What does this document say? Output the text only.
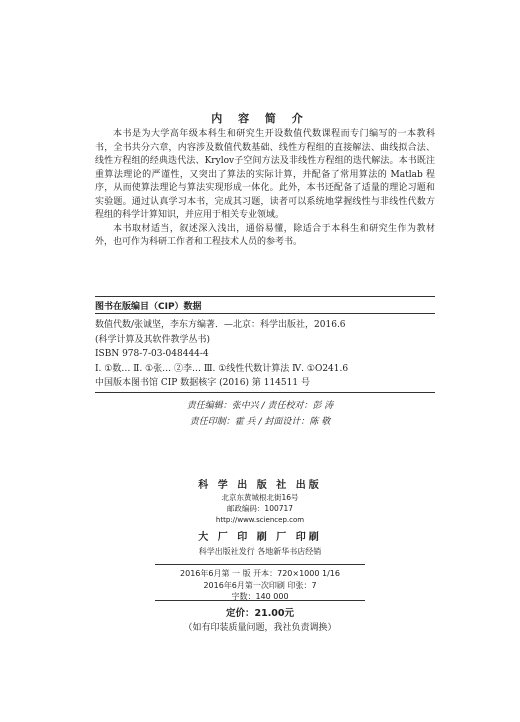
内 容 简 介

本书是为大学高年级本科生和研究生开设数值代数课程而专门编写的一本教科书，全书共分六章，内容涉及数值代数基础、线性方程组的直接解法、曲线拟合法、线性方程组的经典迭代法、Krylov子空间方法及非线性方程组的迭代解法。本书既注重算法理论的严谨性，又突出了算法的实际计算，并配备了常用算法的 Matlab 程序，从而使算法理论与算法实现形成一体化。此外，本书还配备了适量的理论习题和实验题。通过认真学习本书，完成其习题，读者可以系统地掌握线性与非线性代数方程组的科学计算知识，并应用于相关专业领域。

本书取材适当，叙述深入浅出，通俗易懂，除适合于本科生和研究生作为教材外，也可作为科研工作者和工程技术人员的参考书。

图书在版编目（CIP）数据
数值代数/张诚坚，李东方编著．—北京：科学出版社，2016.6
(科学计算及其软件教学丛书)
ISBN 978-7-03-048444-4
Ⅰ. ①数… Ⅱ. ①张… ②李… Ⅲ. ①线性代数计算法 Ⅳ. ①O241.6
中国版本图书馆 CIP 数据核字 (2016) 第 114511 号
责任编辑：张中兴 / 责任校对：彭 涛
责任印制：霍 兵 / 封面设计：陈 敬
科 学 出 版 社 出版
北京东黄城根北街16号
邮政编码：100717
http://www.sciencep.com
大 厂 印 刷 厂 印刷
科学出版社发行 各地新华书店经销
2016年6月第 一 版 开本：720×1000 1/16
2016年6月第一次印刷 印张：7
字数：140 000
定价：21.00元
（如有印装质量问题，我社负责调换）
